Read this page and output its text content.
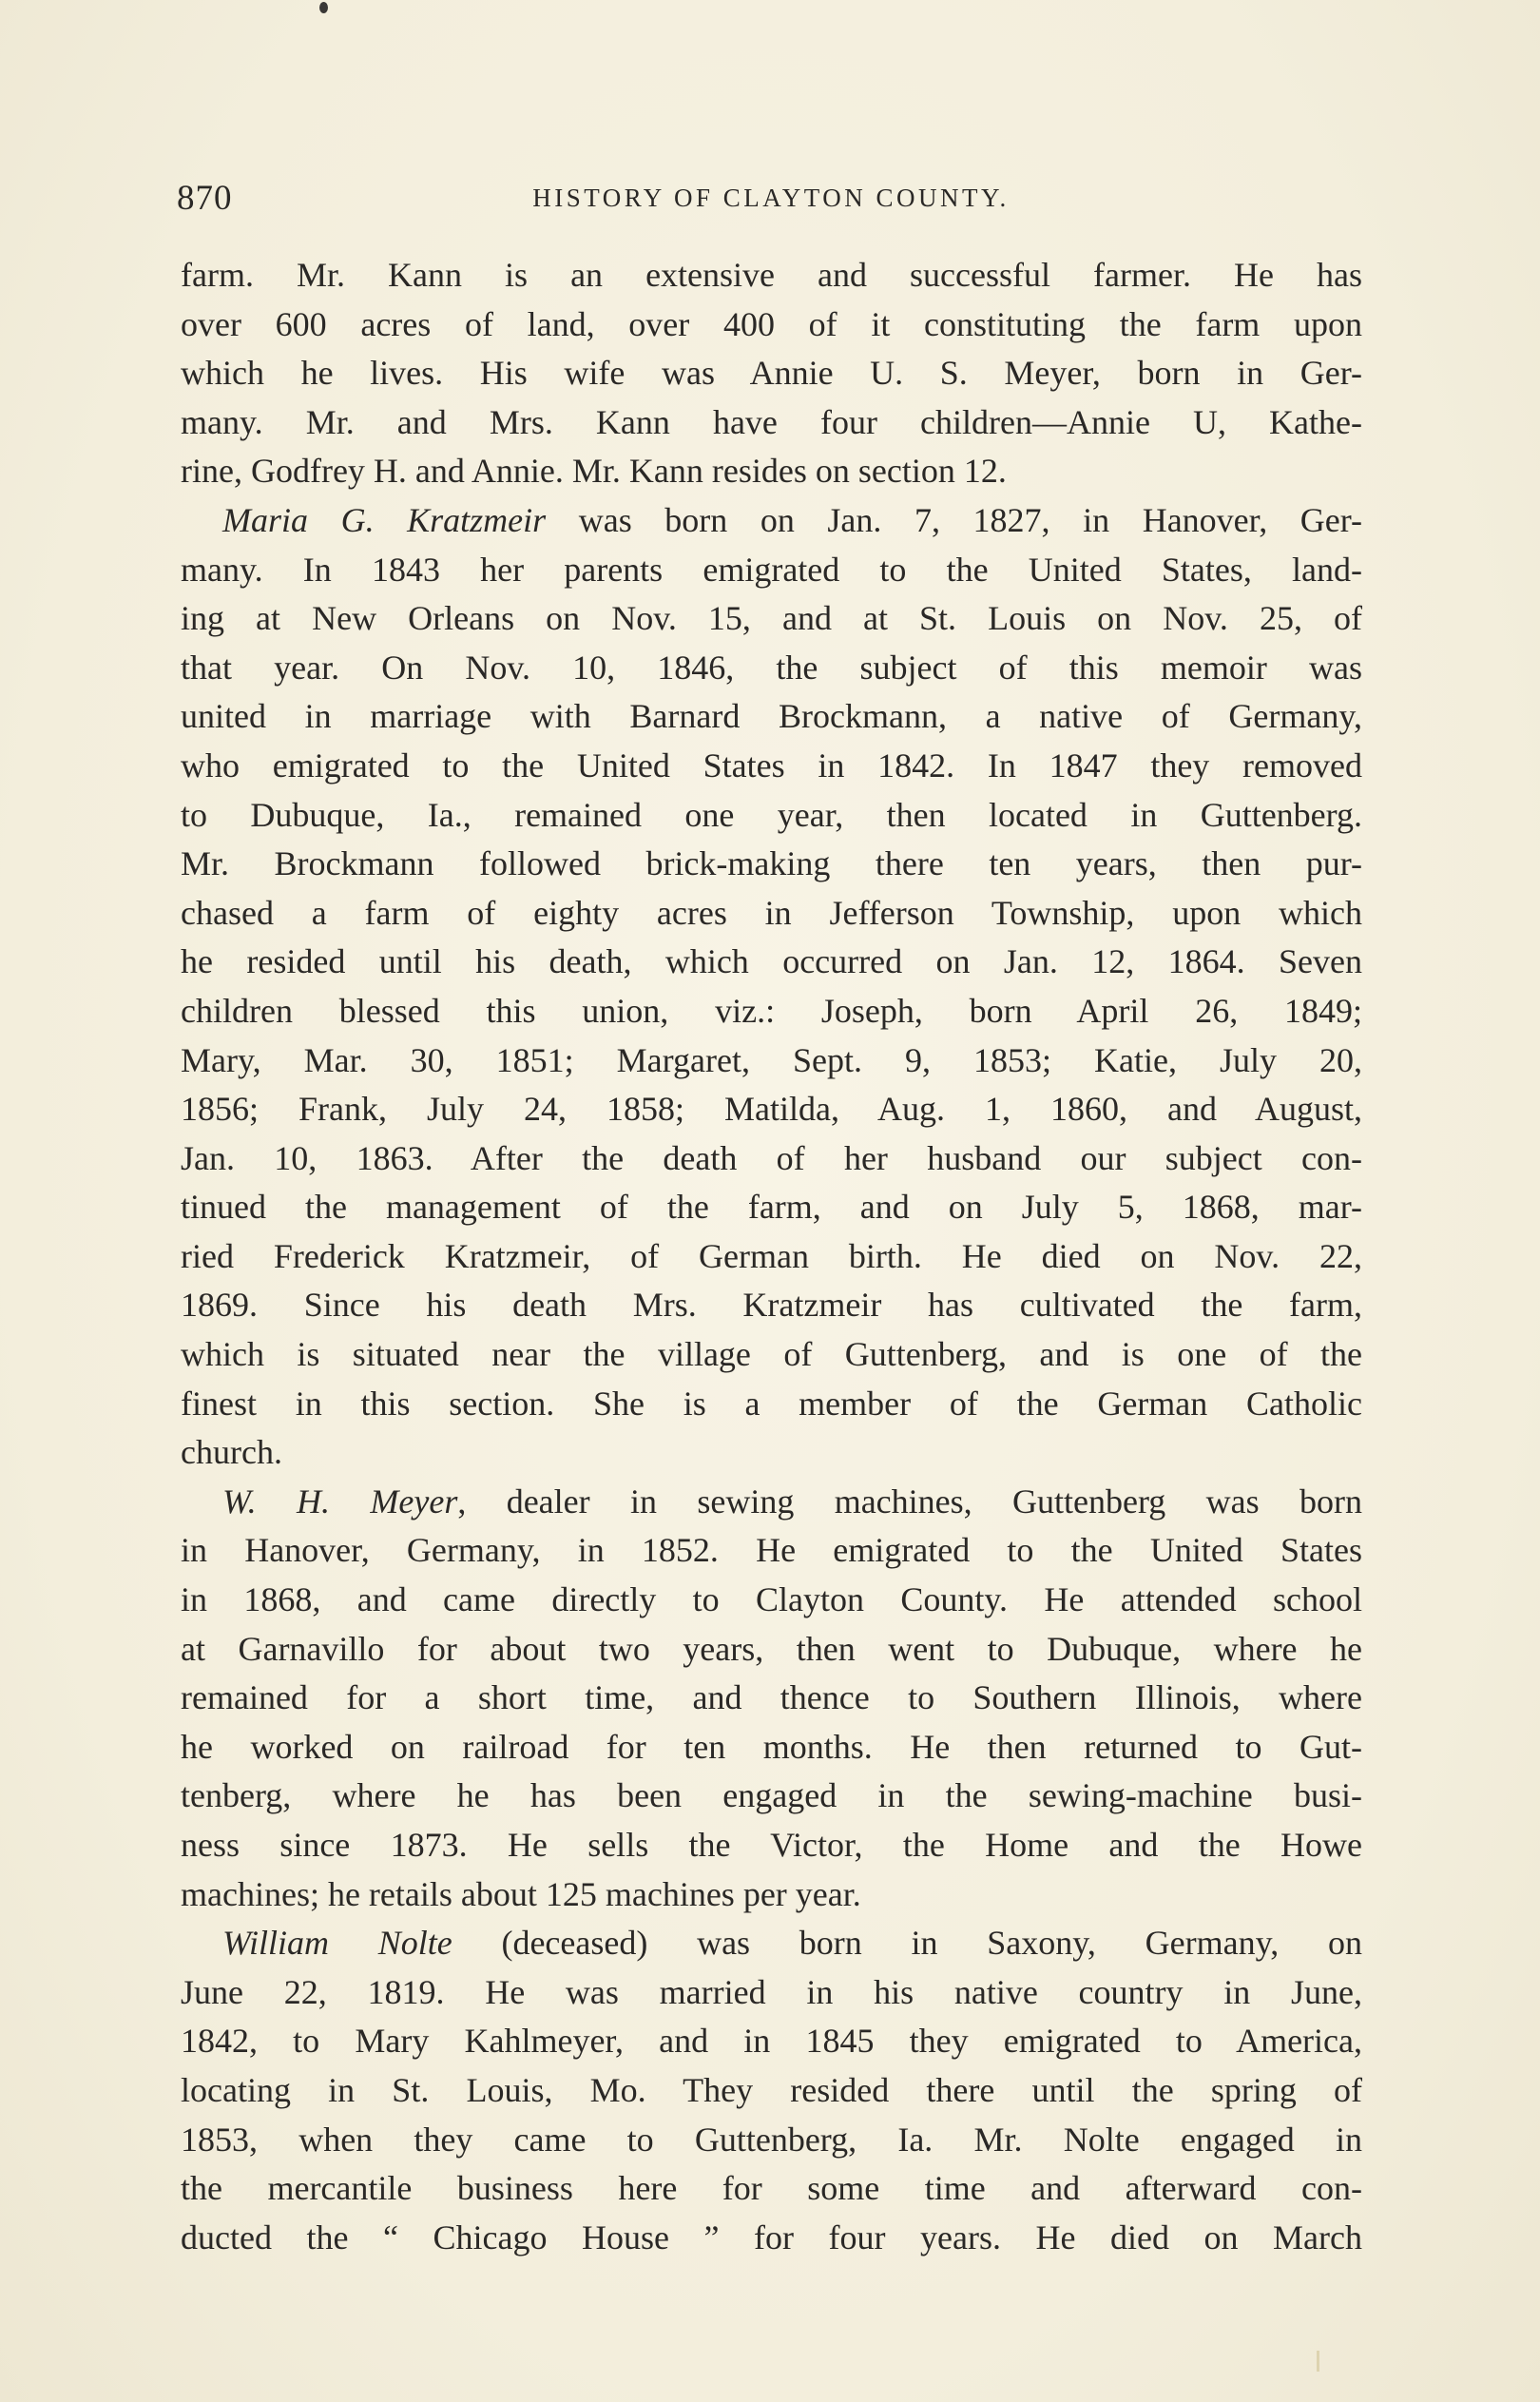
870	HISTORY OF CLAYTON COUNTY.
farm. Mr. Kann is an extensive and successful farmer. He has
over 600 acres of land, over 400 of it constituting the farm upon
which he lives. His wife was Annie U. S. Meyer, born in Ger-
many. Mr. and Mrs. Kann have four children—Annie U, Kathe-
rine, Godfrey H. and Annie. Mr. Kann resides on section 12.
Maria G. Kratzmeir was born on Jan. 7, 1827, in Hanover, Ger-
many. In 1843 her parents emigrated to the United States, land-
ing at New Orleans on Nov. 15, and at St. Louis on Nov. 25, of
that year. On Nov. 10, 1846, the subject of this memoir was
united in marriage with Barnard Brockmann, a native of Germany,
who emigrated to the United States in 1842. In 1847 they removed
to Dubuque, Ia., remained one year, then located in Guttenberg.
Mr. Brockmann followed brick-making there ten years, then pur-
chased a farm of eighty acres in Jefferson Township, upon which
he resided until his death, which occurred on Jan. 12, 1864. Seven
children blessed this union, viz.: Joseph, born April 26, 1849;
Mary, Mar. 30, 1851; Margaret, Sept. 9, 1853; Katie, July 20,
1856; Frank, July 24, 1858; Matilda, Aug. 1, 1860, and August,
Jan. 10, 1863. After the death of her husband our subject con-
tinued the management of the farm, and on July 5, 1868, mar-
ried Frederick Kratzmeir, of German birth. He died on Nov. 22,
1869. Since his death Mrs. Kratzmeir has cultivated the farm,
which is situated near the village of Guttenberg, and is one of the
finest in this section. She is a member of the German Catholic
church.
W. H. Meyer, dealer in sewing machines, Guttenberg was born
in Hanover, Germany, in 1852. He emigrated to the United States
in 1868, and came directly to Clayton County. He attended school
at Garnavillo for about two years, then went to Dubuque, where he
remained for a short time, and thence to Southern Illinois, where
he worked on railroad for ten months. He then returned to Gut-
tenberg, where he has been engaged in the sewing-machine busi-
ness since 1873. He sells the Victor, the Home and the Howe
machines; he retails about 125 machines per year.
William Nolte (deceased) was born in Saxony, Germany, on
June 22, 1819. He was married in his native country in June,
1842, to Mary Kahlmeyer, and in 1845 they emigrated to America,
locating in St. Louis, Mo. They resided there until the spring of
1853, when they came to Guttenberg, Ia. Mr. Nolte engaged in
the mercantile business here for some time and afterward con-
ducted the “ Chicago House ” for four years. He died on March
